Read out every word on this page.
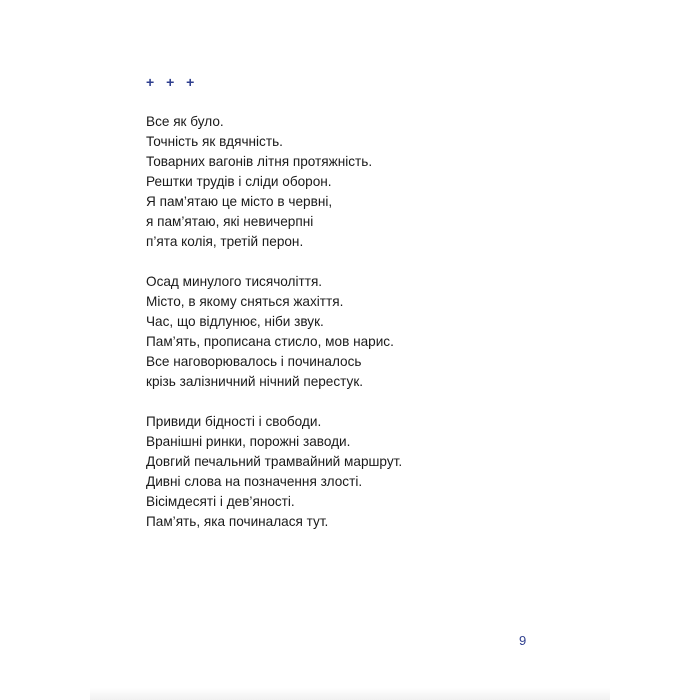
+ + +
Все як було.
Точність як вдячність.
Товарних вагонів літня протяжність.
Рештки трудів і сліди оборон.
Я пам’ятаю це місто в червні,
я пам’ятаю, які невичерпні
п’ята колія, третій перон.
Осад минулого тисячоліття.
Місто, в якому сняться жахіття.
Час, що відлунює, ніби звук.
Пам’ять, прописана стисло, мов нарис.
Все наговорювалось і починалось
крізь залізничний нічний перестук.
Привиди бідності і свободи.
Вранішні ринки, порожні заводи.
Довгий печальний трамвайний маршрут.
Дивні слова на позначення злості.
Вісімдесяті і дев’яності.
Пам’ять, яка починалася тут.
9
